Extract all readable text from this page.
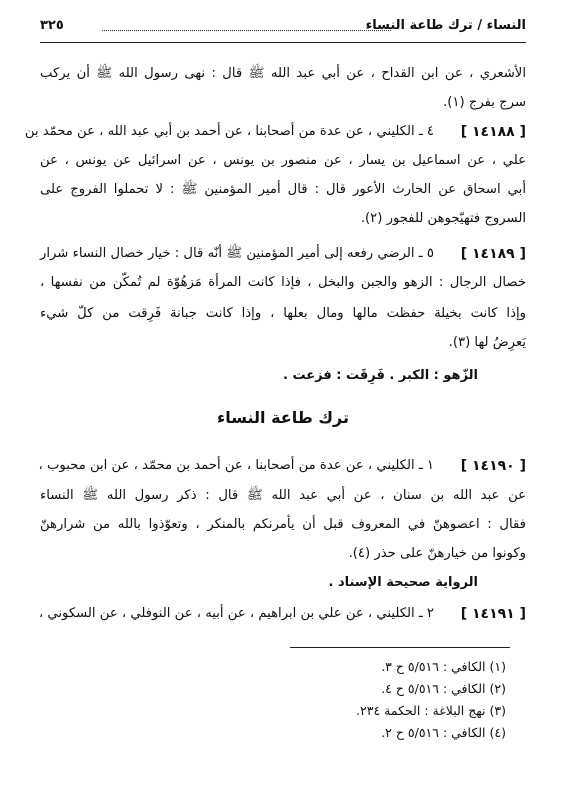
النساء / ترك طاعة النساء
٣٢٥
الأشعري ، عن ابن القداح ، عن أبي عبد الله ﷺ قال : نهى رسول الله ﷺ أن يركب
سرج بفرج (١).
[ ١٤١٨٨ ]
٤ ـ الكليني ، عن عدة من أصحابنا ، عن أحمد بن أبي عبد الله ، عن محمّد بن
علي ، عن اسماعيل بن يسار ، عن منصور بن يونس ، عن اسرائيل عن يونس ، عن
أبي اسحاق عن الحارث الأعور قال : قال أمير المؤمنين ﷺ : لا تحملوا الفروج على
السروج فتهيّجوهن للفجور (٢).
[ ١٤١٨٩ ]
٥ ـ الرضي رفعه إلى أمير المؤمنين ﷺ أنّه قال : خيار خصال النساء شرار
خصال الرجال : الزهو والجبن والبخل ، فإذا كانت المرأة مَزهُوّة لم تُمكّن من نفسها ،
وإذا كانت بخيلة حفظت مالها ومال بعلها ، وإذا كانت جبانة فَرِقت من كلّ شيء
يَعرِضُ لها (٣).
الزّهو : الكبر . فَرِقَت : فزعت .
ترك طاعة النساء
[ ١٤١٩٠ ]
١ ـ الكليني ، عن عدة من أصحابنا ، عن أحمد بن محمّد ، عن ابن محبوب ،
عن عبد الله بن سنان ، عن أبي عبد الله ﷺ قال : ذكر رسول الله ﷺ النساء
فقال : اعصوهنّ في المعروف قبل أن يأمرنكم بالمنكر ، وتعوّذوا بالله من شرارهنّ
وكونوا من خيارهنّ على حذر (٤).
الرواية صحيحة الإسناد .
[ ١٤١٩١ ]
٢ ـ الكليني ، عن علي بن ابراهيم ، عن أبيه ، عن النوفلي ، عن السكوني ،
(١) الكافي : ٥/٥١٦ ح ٣.
(٢) الكافي : ٥/٥١٦ ح ٤.
(٣) نهج البلاغة : الحكمة ٢٣٤.
(٤) الكافي : ٥/٥١٦ ح ٢.
